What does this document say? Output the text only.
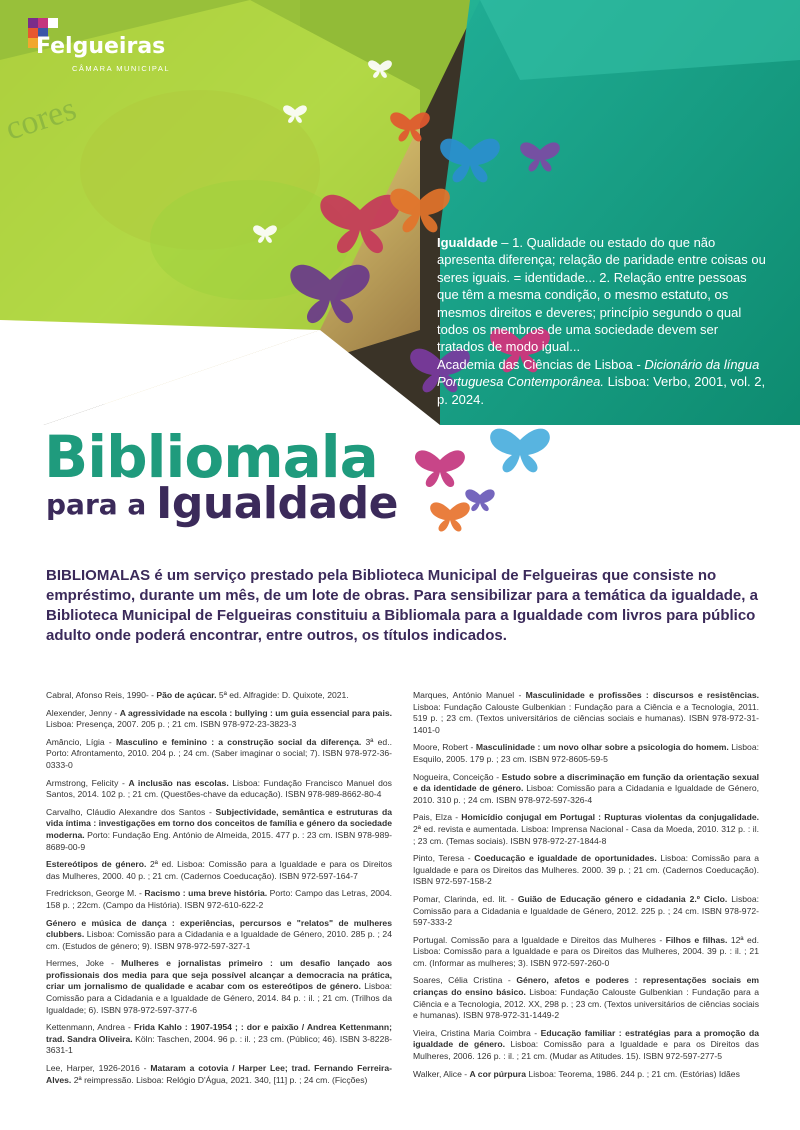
Felgueiras
CÂMARA MUNICIPAL
Igualdade – 1. Qualidade ou estado do que não apresenta diferença; relação de paridade entre coisas ou seres iguais. = identidade... 2. Relação entre pessoas que têm a mesma condição, o mesmo estatuto, os mesmos direitos e deveres; princípio segundo o qual todos os membros de uma sociedade devem ser tratados de modo igual...
Academia das Ciências de Lisboa - Dicionário da língua Portuguesa Contemporânea. Lisboa: Verbo, 2001, vol. 2, p. 2024.
Bibliomala
para a Igualdade
BIBLIOMALAS é um serviço prestado pela Biblioteca Municipal de Felgueiras que consiste no empréstimo, durante um mês, de um lote de obras. Para sensibilizar para a temática da igualdade, a Biblioteca Municipal de Felgueiras constituiu a Bibliomala para a Igualdade com livros para público adulto onde poderá encontrar, entre outros, os títulos indicados.

Cabral, Afonso Reis, 1990- - Pão de açúcar. 5ª ed. Alfragide: D. Quixote, 2021.

Alexender, Jenny - A agressividade na escola : bullying : um guia essencial para pais. Lisboa: Presença, 2007. 205 p. ; 21 cm. ISBN 978-972-23-3823-3

Amâncio, Lígia - Masculino e feminino : a construção social da diferença. 3ª ed.. Porto: Afrontamento, 2010. 204 p. ; 24 cm. (Saber imaginar o social; 7). ISBN 978-972-36-0333-0

Armstrong, Felicity - A inclusão nas escolas. Lisboa: Fundação Francisco Manuel dos Santos, 2014. 102 p. ; 21 cm. (Questões-chave da educação). ISBN 978-989-8662-80-4

Carvalho, Cláudio Alexandre dos Santos - Subjectividade, semântica e estruturas da vida íntima : investigações em torno dos conceitos de família e género da sociedade moderna. Porto: Fundação Eng. António de Almeida, 2015. 477 p. : 23 cm. ISBN 978-989-8689-00-9

Estereótipos de género. 2ª ed. Lisboa: Comissão para a Igualdade e para os Direitos das Mulheres, 2000. 40 p. ; 21 cm. (Cadernos Coeducação). ISBN 972-597-164-7

Fredrickson, George M. - Racismo : uma breve história. Porto: Campo das Letras, 2004. 158 p. ; 22cm. (Campo da História). ISBN 972-610-622-2

Género e música de dança : experiências, percursos e "relatos" de mulheres clubbers. Lisboa: Comissão para a Cidadania e a Igualdade de Género, 2010. 285 p. ; 24 cm. (Estudos de género; 9). ISBN 978-972-597-327-1

Hermes, Joke - Mulheres e jornalistas primeiro : um desafio lançado aos profissionais dos media para que seja possível alcançar a democracia na prática, criar um jornalismo de qualidade e acabar com os estereótipos de género. Lisboa: Comissão para a Cidadania e a Igualdade de Género, 2014. 84 p. : il. ; 21 cm. (Trilhos da Igualdade; 6). ISBN 978-972-597-377-6

Kettenmann, Andrea - Frida Kahlo : 1907-1954 ; : dor e paixão / Andrea Kettenmann; trad. Sandra Oliveira. Köln: Taschen, 2004. 96 p. : il. ; 23 cm. (Público; 46). ISBN 3-8228-3631-1

Lee, Harper, 1926-2016 - Mataram a cotovia / Harper Lee; trad. Fernando Ferreira-Alves. 2ª reimpressão. Lisboa: Relógio D'Água, 2021. 340, [11] p. ; 24 cm. (Ficções)

Marques, António Manuel - Masculinidade e profissões : discursos e resistências. Lisboa: Fundação Calouste Gulbenkian : Fundação para a Ciência e a Tecnologia, 2011. 519 p. ; 23 cm. (Textos universitários de ciências sociais e humanas). ISBN 978-972-31-1401-0

Moore, Robert - Masculinidade : um novo olhar sobre a psicologia do homem. Lisboa: Esquilo, 2005. 179 p. ; 23 cm. ISBN 972-8605-59-5

Nogueira, Conceição - Estudo sobre a discriminação em função da orientação sexual e da identidade de género. Lisboa: Comissão para a Cidadania e Igualdade de Género, 2010. 310 p. ; 24 cm. ISBN 978-972-597-326-4

Pais, Elza - Homicídio conjugal em Portugal : Rupturas violentas da conjugalidade. 2ª ed. revista e aumentada. Lisboa: Imprensa Nacional - Casa da Moeda, 2010. 312 p. : il. ; 23 cm. (Temas sociais). ISBN 978-972-27-1844-8

Pinto, Teresa - Coeducação e igualdade de oportunidades. Lisboa: Comissão para a Igualdade e para os Direitos das Mulheres. 2000. 39 p. ; 21 cm. (Cadernos Coeducação). ISBN 972-597-158-2

Pomar, Clarinda, ed. lit. - Guião de Educação género e cidadania 2.º Ciclo. Lisboa: Comissão para a Cidadania e Igualdade de Género, 2012. 225 p. ; 24 cm. ISBN 978-972-597-333-2

Portugal. Comissão para a Igualdade e Direitos das Mulheres - Filhos e filhas. 12ª ed. Lisboa: Comissão para a Igualdade e para os Direitos das Mulheres, 2004. 39 p. : il. ; 21 cm. (Informar as mulheres; 3). ISBN 972-597-260-0

Soares, Célia Cristina - Género, afetos e poderes : representações sociais em crianças do ensino básico. Lisboa: Fundação Calouste Gulbenkian : Fundação para a Ciência e a Tecnologia, 2012. XX, 298 p. ; 23 cm. (Textos universitários de ciências sociais e humanas). ISBN 978-972-31-1449-2

Vieira, Cristina Maria Coimbra - Educação familiar : estratégias para a promoção da igualdade de género. Lisboa: Comissão para a Igualdade e para os Direitos das Mulheres, 2006. 126 p. : il. ; 21 cm. (Mudar as Atitudes. 15). ISBN 972-597-277-5

Walker, Alice - A cor púrpura Lisboa: Teorema, 1986. 244 p. ; 21 cm. (Estórias) Idães
